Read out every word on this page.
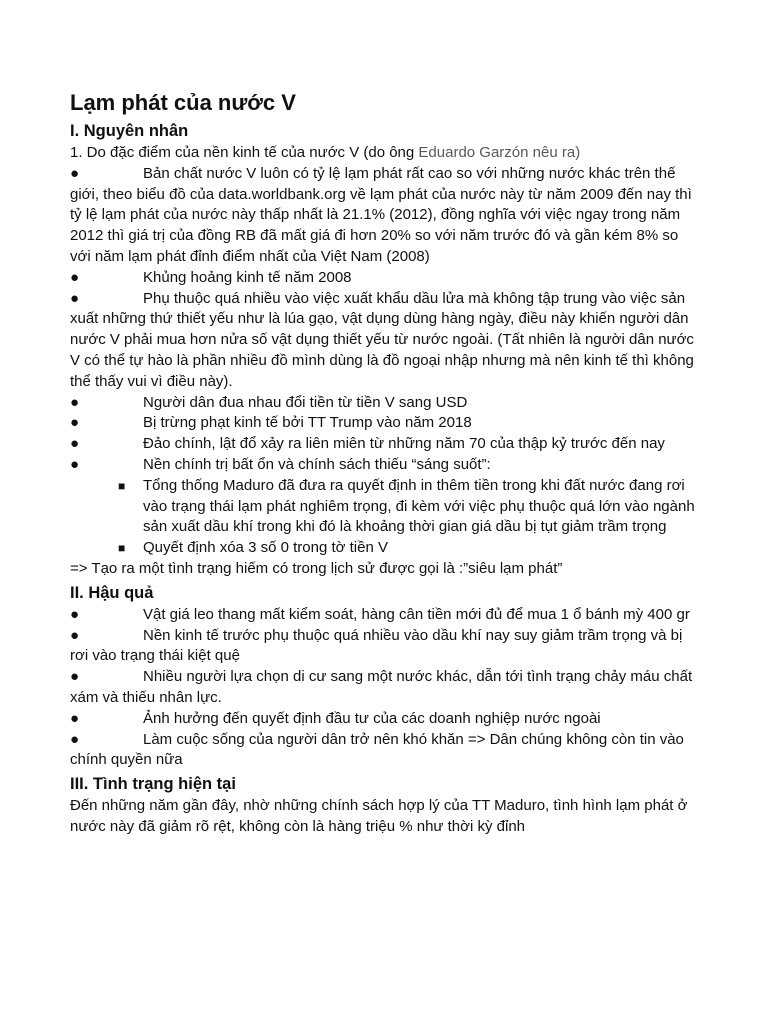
Lạm phát của nước V
I. Nguyên nhân

1. Do đặc điểm của nền kinh tế của nước V (do ông Eduardo Garzón nêu ra)

●	Bản chất nước V luôn có tỷ lệ lạm phát rất cao so với những nước khác trên thế giới, theo biểu đồ của data.worldbank.org về lạm phát của nước này từ năm 2009 đến nay thì tỷ lệ lạm phát của nước này thấp nhất là 21.1% (2012), đồng nghĩa với việc ngay trong năm 2012 thì giá trị của đồng RB đã mất giá đi hơn 20% so với năm trước đó và gần kém 8% so với năm lạm phát đỉnh điểm nhất của Việt Nam (2008)

●	Khủng hoảng kinh tế năm 2008

●	Phụ thuộc quá nhiều vào việc xuất khẩu dầu lửa mà không tập trung vào việc sản xuất những thứ thiết yếu như là lúa gạo, vật dụng dùng hàng ngày, điều này khiến người dân nước V phải mua hơn nửa số vật dụng thiết yếu từ nước ngoài. (Tất nhiên là người dân nước V có thể tự hào là phần nhiều đồ mình dùng là đồ ngoại nhập nhưng mà nên kinh tế thì không thể thấy vui vì điều này).

●	Người dân đua nhau đổi tiền từ tiền V sang USD

●	Bị trừng phạt kinh tế bởi TT Trump vào năm 2018

●	Đảo chính, lật đổ xảy ra liên miên từ những năm 70 của thập kỷ trước đến nay

●	Nền chính trị bất ổn và chính sách thiếu “sáng suốt”:

■ Tổng thống Maduro đã đưa ra quyết định in thêm tiền trong khi đất nước đang rơi vào trạng thái lạm phát nghiêm trọng, đi kèm với việc phụ thuộc quá lớn vào ngành sản xuất dầu khí trong khi đó là khoảng thời gian giá dầu bị tụt giảm trầm trọng

■ Quyết định xóa 3 số 0 trong tờ tiền V

=> Tạo ra một tình trạng hiếm có trong lịch sử được gọi là :”siêu lạm phát”

II. Hậu quả

●	Vật giá leo thang mất kiểm soát, hàng cân tiền mới đủ để mua 1 ổ bánh mỳ 400 gr

●	Nền kinh tế trước phụ thuộc quá nhiều vào dầu khí nay suy giảm trầm trọng và bị rơi vào trạng thái kiệt quệ

●	Nhiều người lựa chọn di cư sang một nước khác, dẫn tới tình trạng chảy máu chất xám và thiếu nhân lực.

●	Ảnh hưởng đến quyết định đầu tư của các doanh nghiệp nước ngoài

●	Làm cuộc sống của người dân trở nên khó khăn => Dân chúng không còn tin vào chính quyền nữa

III. Tình trạng hiện tại

Đến những năm gần đây, nhờ những chính sách hợp lý của TT Maduro, tình hình lạm phát ở nước này đã giảm rõ rệt, không còn là hàng triệu % như thời kỳ đỉnh
